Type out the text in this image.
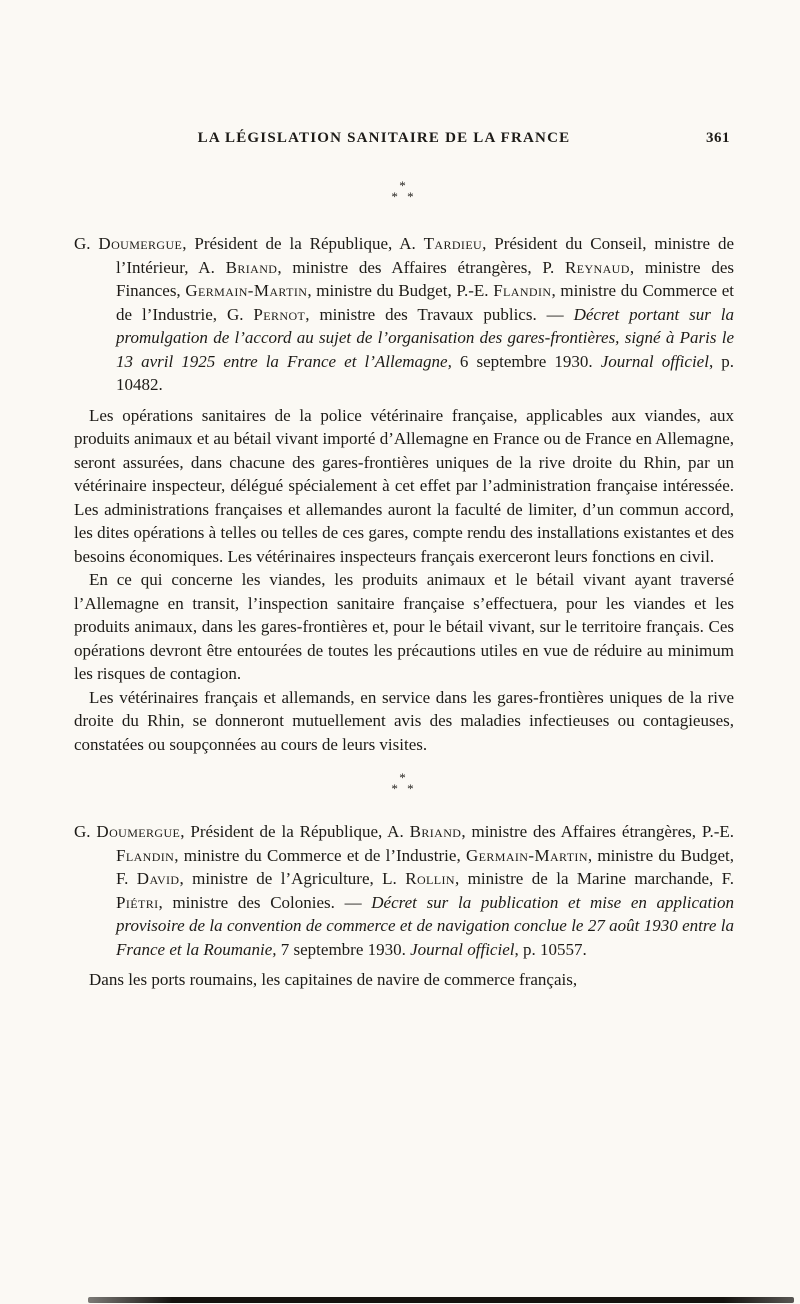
LA LÉGISLATION SANITAIRE DE LA FRANCE	361
*
* *

G. Doumergue, Président de la République, A. Tardieu, Président du Conseil, ministre de l’Intérieur, A. Briand, ministre des Affaires étrangères, P. Reynaud, ministre des Finances, Germain-Martin, ministre du Budget, P.-E. Flandin, ministre du Commerce et de l’Industrie, G. Pernot, ministre des Travaux publics. — Décret portant sur la promulgation de l’accord au sujet de l’organisation des gares-frontières, signé à Paris le 13 avril 1925 entre la France et l’Allemagne, 6 septembre 1930. Journal officiel, p. 10482.

Les opérations sanitaires de la police vétérinaire française, applicables aux viandes, aux produits animaux et au bétail vivant importé d’Allemagne en France ou de France en Allemagne, seront assurées, dans chacune des gares-frontières uniques de la rive droite du Rhin, par un vétérinaire inspecteur, délégué spécialement à cet effet par l’administration française intéressée. Les administrations françaises et allemandes auront la faculté de limiter, d’un commun accord, les dites opérations à telles ou telles de ces gares, compte rendu des installations existantes et des besoins économiques. Les vétérinaires inspecteurs français exerceront leurs fonctions en civil.

En ce qui concerne les viandes, les produits animaux et le bétail vivant ayant traversé l’Allemagne en transit, l’inspection sanitaire française s’effectuera, pour les viandes et les produits animaux, dans les gares-frontières et, pour le bétail vivant, sur le territoire français. Ces opérations devront être entourées de toutes les précautions utiles en vue de réduire au minimum les risques de contagion.

Les vétérinaires français et allemands, en service dans les gares-frontières uniques de la rive droite du Rhin, se donneront mutuellement avis des maladies infectieuses ou contagieuses, constatées ou soupçonnées au cours de leurs visites.

*
* *

G. Doumergue, Président de la République, A. Briand, ministre des Affaires étrangères, P.-E. Flandin, ministre du Commerce et de l’Industrie, Germain-Martin, ministre du Budget, F. David, ministre de l’Agriculture, L. Rollin, ministre de la Marine marchande, F. Piétri, ministre des Colonies. — Décret sur la publication et mise en application provisoire de la convention de commerce et de navigation conclue le 27 août 1930 entre la France et la Roumanie, 7 septembre 1930. Journal officiel, p. 10557.

Dans les ports roumains, les capitaines de navire de commerce français,
